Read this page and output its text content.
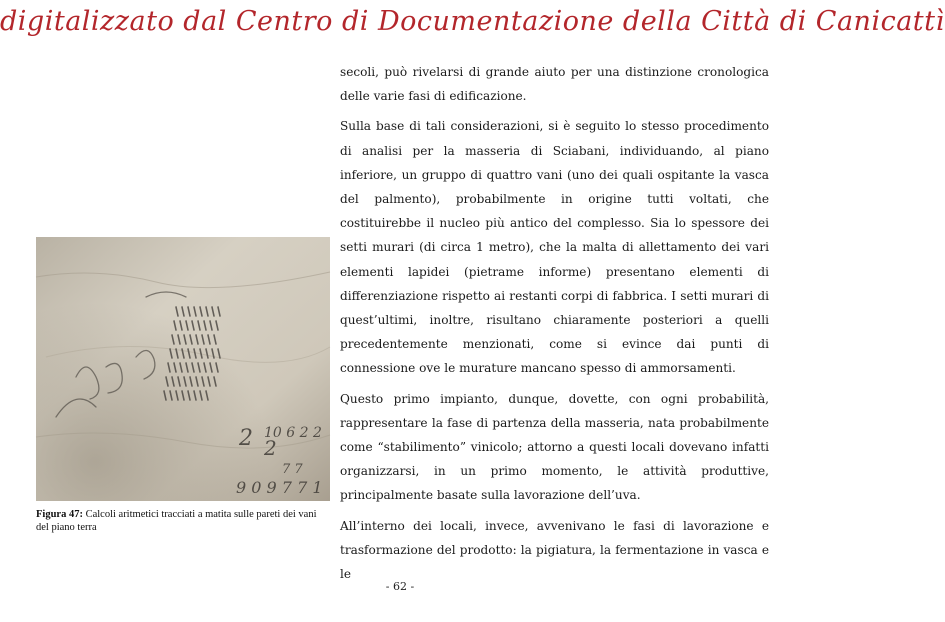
digitalizzato dal Centro di Documentazione della Città di Canicattì
2 10 6 2 2
2
7 7
9 0 9 7 7 1
Figura 47: Calcoli aritmetici tracciati a matita sulle pareti dei vani del piano terra

secoli, può rivelarsi di grande aiuto per una distinzione cronologica delle varie fasi di edificazione.

Sulla base di tali considerazioni, si è seguito lo stesso procedimento di analisi per la masseria di Sciabani, individuando, al piano inferiore, un gruppo di quattro vani (uno dei quali ospitante la vasca del palmento), probabilmente in origine tutti voltati, che costituirebbe il nucleo più antico del complesso. Sia lo spessore dei setti murari (di circa 1 metro), che la malta di allettamento dei vari elementi lapidei (pietrame informe) presentano elementi di differenziazione rispetto ai restanti corpi di fabbrica. I setti murari di quest’ultimi, inoltre, risultano chiaramente posteriori a quelli precedentemente menzionati, come si evince dai punti di connessione ove le murature mancano spesso di ammorsamenti.

Questo primo impianto, dunque, dovette, con ogni probabilità, rappresentare la fase di partenza della masseria, nata probabilmente come “stabilimento” vinicolo; attorno a questi locali dovevano infatti organizzarsi, in un primo momento, le attività produttive, principalmente basate sulla lavorazione dell’uva.

All’interno dei locali, invece, avvenivano le fasi di lavorazione e trasformazione del prodotto: la pigiatura, la fermentazione in vasca e le

- 62 -
